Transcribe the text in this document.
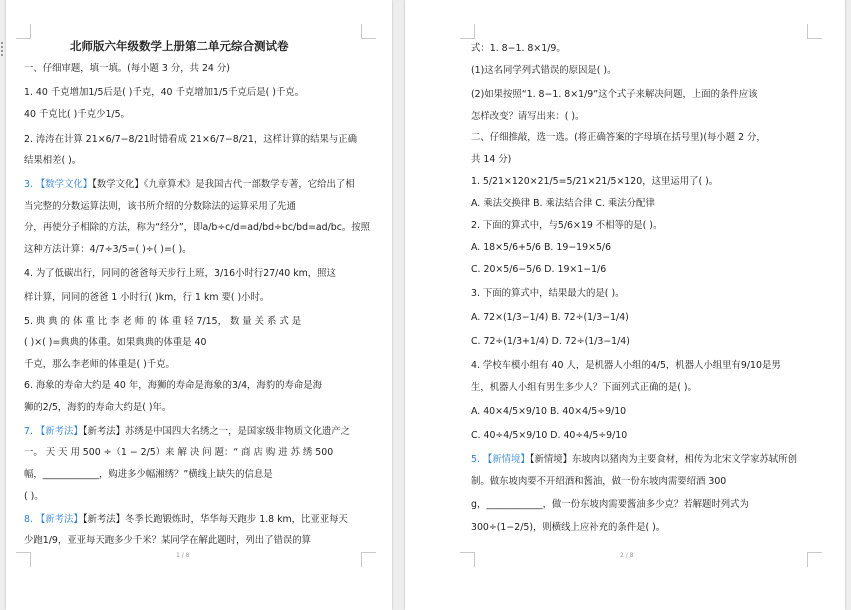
北师版六年级数学上册第二单元综合测试卷
一、仔细审题，填一填。(每小题 3 分，共 24 分)
1. 40 千克增加1/5后是( )千克，40 千克增加1/5千克后是( )千克。
40 千克比( )千克少1/5。
2. 涛涛在计算 21×6/7−8/21时错看成 21×6/7−8/21，这样计算的结果与正确
结果相差( )。
3. 【数学文化】【数学文化】《九章算术》是我国古代一部数学专著，它给出了相
当完整的分数运算法则，该书所介绍的分数除法的运算采用了先通
分，再使分子相除的方法，称为“经分”，即a/b÷c/d=ad/bd÷bc/bd=ad/bc。按照
这种方法计算：4/7÷3/5=( )÷( )=( )。
4. 为了低碳出行，同同的爸爸每天步行上班，3/16小时行27/40 km，照这
样计算，同同的爸爸 1 小时行( )km，行 1 km 要( )小时。
5. 典 典 的 体 重 比 李 老 师 的 体 重 轻 7/15， 数 量 关 系 式 是
( )×( )=典典的体重。如果典典的体重是 40
千克，那么李老师的体重是( )千克。
6. 海象的寿命大约是 40 年，海狮的寿命是海象的3/4，海豹的寿命是海
狮的2/5，海豹的寿命大约是( )年。
7. 【新考法】【新考法】苏绣是中国四大名绣之一，是国家级非物质文化遗产之
一。 天 天 用 500 ÷（1 − 2/5）来 解 决 问 题：“ 商 店 购 进 苏 绣 500
幅，____________，购进多少幅湘绣？”横线上缺失的信息是
( )。
8. 【新考法】【新考法】冬季长跑锻炼时，华华每天跑步 1.8 km，比亚亚每天
少跑1/9，亚亚每天跑多少千米？某同学在解此题时，列出了错误的算
1 / 8
式：1. 8−1. 8×1/9。
(1)这名同学列式错误的原因是( )。
(2)如果按照“1. 8−1. 8×1/9”这个式子来解决问题，上面的条件应该
怎样改变？请写出来：( )。
二、仔细推敲，选一选。(将正确答案的字母填在括号里)(每小题 2 分，
共 14 分)
1. 5/21×120×21/5=5/21×21/5×120，这里运用了( )。
A. 乘法交换律 B. 乘法结合律 C. 乘法分配律
2. 下面的算式中，与5/6×19 不相等的是( )。
A. 18×5/6+5/6 B. 19−19×5/6
C. 20×5/6−5/6 D. 19×1−1/6
3. 下面的算式中，结果最大的是( )。
A. 72×(1/3−1/4) B. 72÷(1/3−1/4)
C. 72÷(1/3+1/4) D. 72÷(1/3−1/4)
4. 学校车模小组有 40 人，是机器人小组的4/5，机器人小组里有9/10是男
生，机器人小组有男生多少人？下面列式正确的是( )。
A. 40×4/5×9/10 B. 40×4/5÷9/10
C. 40÷4/5×9/10 D. 40÷4/5÷9/10
5. 【新情境】【新情境】东坡肉以猪肉为主要食材，相传为北宋文学家苏轼所创
制。做东坡肉要不开绍酒和酱油，做一份东坡肉需要绍酒 300
g，____________，做一份东坡肉需要酱油多少克？若解题时列式为
300÷(1−2/5)，则横线上应补充的条件是( )。
2 / 8
